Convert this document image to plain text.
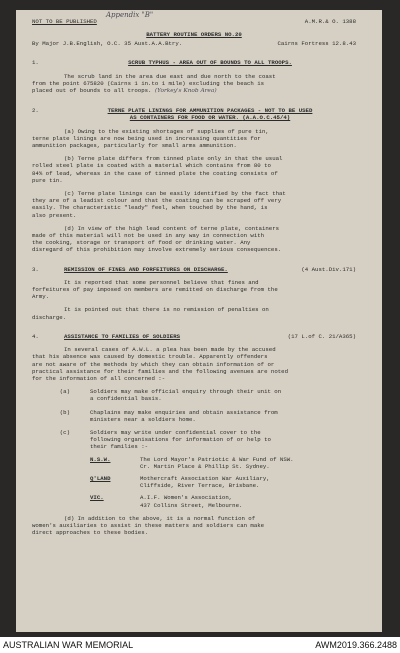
NOT TO BE PUBLISHED
Appendix "B"
A.M.R.& O. 1388
BATTERY ROUTINE ORDERS NO.20
By Major J.B.English, O.C. 35 Aust.A.A.Btry.	Cairns Fortress 12.8.43
1.	SCRUB TYPHUS - AREA OUT OF BOUNDS TO ALL TROOPS.
The scrub land in the area due east and due north to the coast
from the point 675820 (Cairns 1 in.to 1 mile) excluding the beach is
placed out of bounds to all troops. (Yorkey's Knob Area)
2.	TERNE PLATE LININGS FOR AMMUNITION PACKAGES - NOT TO BE USED
AS CONTAINERS FOR FOOD OR WATER. (A.A.O.C.45/4)
(a) Owing to the existing shortages of supplies of pure tin,
terne plate linings are now being used in increasing quantities for
ammunition packages, particularly for small arms ammunition.
(b) Terne plate differs from tinned plate only in that the usual
rolled steel plate is coated with a material which contains from 80 to
84% of lead, whereas in the case of tinned plate the coating consists of
pure tin.
(c) Terne plate linings can be easily identified by the fact that
they are of a leadist colour and that the coating can be scraped off very
easily. The characteristic "leady" feel, when touched by the hand, is
also present.
(d) In view of the high lead content of terne plate, containers
made of this material will not be used in any way in connection with
the cooking, storage or transport of food or drinking water. Any
disregard of this prohibition may involve extremely serious consequences.
3.	REMISSION OF FINES AND FORFEITURES ON DISCHARGE.	(4 Aust.Div.171)
It is reported that some personnel believe that fines and
forfeitures of pay imposed on members are remitted on discharge from the
Army.
It is pointed out that there is no remission of penalties on
discharge.
4.	ASSISTANCE TO FAMILIES OF SOLDIERS	(17 L.of C. 21/A365)
In several cases of A.W.L. a plea has been made by the accused
that his absence was caused by domestic trouble. Apparently offenders
are not aware of the methods by which they can obtain information of or
practical assistance for their families and the following avenues are noted
for the information of all concerned :-
(a)	Soldiers may make official enquiry through their unit on
a confidential basis.
(b)	Chaplains may make enquiries and obtain assistance from
ministers near a soldiers home.
(c)	Soldiers may write under confidential cover to the
following organisations for information of or help to
their families :-
N.S.W.	The Lord Mayor's Patriotic & War Fund of NSW.
Cr. Martin Place & Phillip St. Sydney.
Q'LAND	Mothercraft Association War Auxiliary,
Cliffside, River Terrace, Brisbane.
VIC.	A.I.F. Women's Association,
437 Collins Street, Melbourne.
(d) In addition to the above, it is a normal function of
women's auxiliaries to assist in these matters and soldiers can make
direct approaches to these bodies.
AUSTRALIAN WAR MEMORIAL	AWM2019.366.2488
